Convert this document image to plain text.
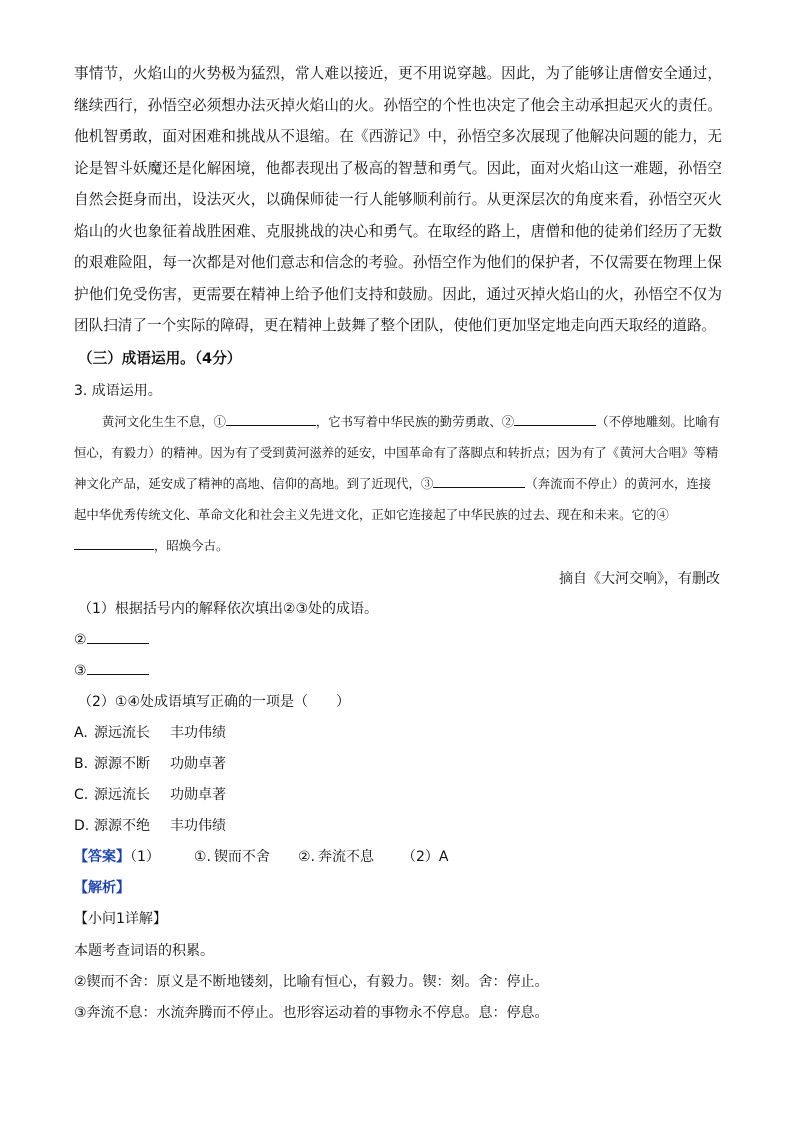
事情节，火焰山的火势极为猛烈，常人难以接近，更不用说穿越。因此，为了能够让唐僧安全通过，继续西行，孙悟空必须想办法灭掉火焰山的火。孙悟空的个性也决定了他会主动承担起灭火的责任。他机智勇敢，面对困难和挑战从不退缩。在《西游记》中，孙悟空多次展现了他解决问题的能力，无论是智斗妖魔还是化解困境，他都表现出了极高的智慧和勇气。因此，面对火焰山这一难题，孙悟空自然会挺身而出，设法灭火，以确保师徒一行人能够顺利前行。从更深层次的角度来看，孙悟空灭火焰山的火也象征着战胜困难、克服挑战的决心和勇气。在取经的路上，唐僧和他的徒弟们经历了无数的艰难险阻，每一次都是对他们意志和信念的考验。孙悟空作为他们的保护者，不仅需要在物理上保护他们免受伤害，更需要在精神上给予他们支持和鼓励。因此，通过灭掉火焰山的火，孙悟空不仅为团队扫清了一个实际的障碍，更在精神上鼓舞了整个团队，使他们更加坚定地走向西天取经的道路。

（三）成语运用。（4分）
3. 成语运用。
黄河文化生生不息，①	，它书写着中华民族的勤劳勇敢、②	（不停地雕刻。比喻有恒心，有毅力）的精神。因为有了受到黄河滋养的延安，中国革命有了落脚点和转折点；因为有了《黄河大合唱》等精神文化产品，延安成了精神的高地、信仰的高地。到了近现代，③	（奔流而不停止）的黄河水，连接起中华优秀传统文化、革命文化和社会主义先进文化，正如它连接起了中华民族的过去、现在和未来。它的④，昭焕今古。
摘自《大河交响》，有删改
（1）根据括号内的解释依次填出②③处的成语。
②
③
（2）①④处成语填写正确的一项是（　　）
A. 源远流长 丰功伟绩
B. 源源不断 功勋卓著
C. 源远流长 功勋卓著
D. 源源不绝 丰功伟绩
【答案】（1） ①. 锲而不舍 ②. 奔流不息 （2）A
【解析】
【小问1详解】
本题考查词语的积累。
②锲而不舍：原义是不断地镂刻，比喻有恒心，有毅力。锲：刻。舍：停止。
③奔流不息：水流奔腾而不停止。也形容运动着的事物永不停息。息：停息。
